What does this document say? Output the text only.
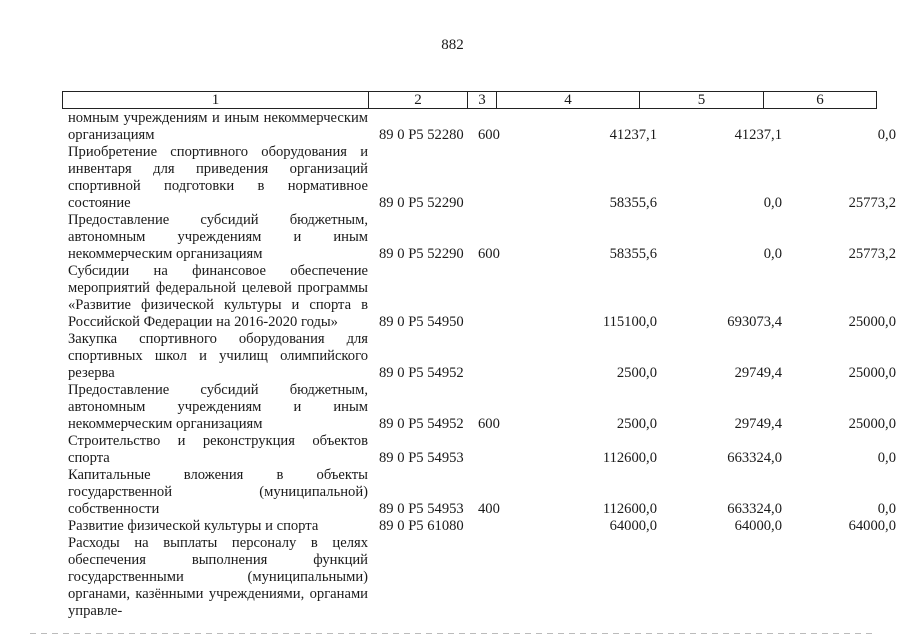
882
1	2	3	4	5	6
номным учреждениям и иным некоммерческим организациям	89 0 Р5 52280	600	41237,1	41237,1	0,0
Приобретение спортивного оборудования и инвентаря для приведения организаций спортивной подготовки в нормативное состояние	89 0 Р5 52290		58355,6	0,0	25773,2
Предоставление субсидий бюджетным, автономным учреждениям и иным некоммерческим организациям	89 0 Р5 52290	600	58355,6	0,0	25773,2
Субсидии на финансовое обеспечение мероприятий федеральной целевой программы «Развитие физической культуры и спорта в Российской Федерации на 2016-2020 годы»	89 0 Р5 54950		115100,0	693073,4	25000,0
Закупка спортивного оборудования для спортивных школ и училищ олимпийского резерва	89 0 Р5 54952		2500,0	29749,4	25000,0
Предоставление субсидий бюджетным, автономным учреждениям и иным некоммерческим организациям	89 0 Р5 54952	600	2500,0	29749,4	25000,0
Строительство и реконструкция объектов спорта	89 0 Р5 54953		112600,0	663324,0	0,0
Капитальные вложения в объекты государственной (муниципальной) собственности	89 0 Р5 54953	400	112600,0	663324,0	0,0
Развитие физической культуры и спорта	89 0 Р5 61080		64000,0	64000,0	64000,0
Расходы на выплаты персоналу в целях обеспечения выполнения функций государственными (муниципальными) органами, казёнными учреждениями, органами управле-					
